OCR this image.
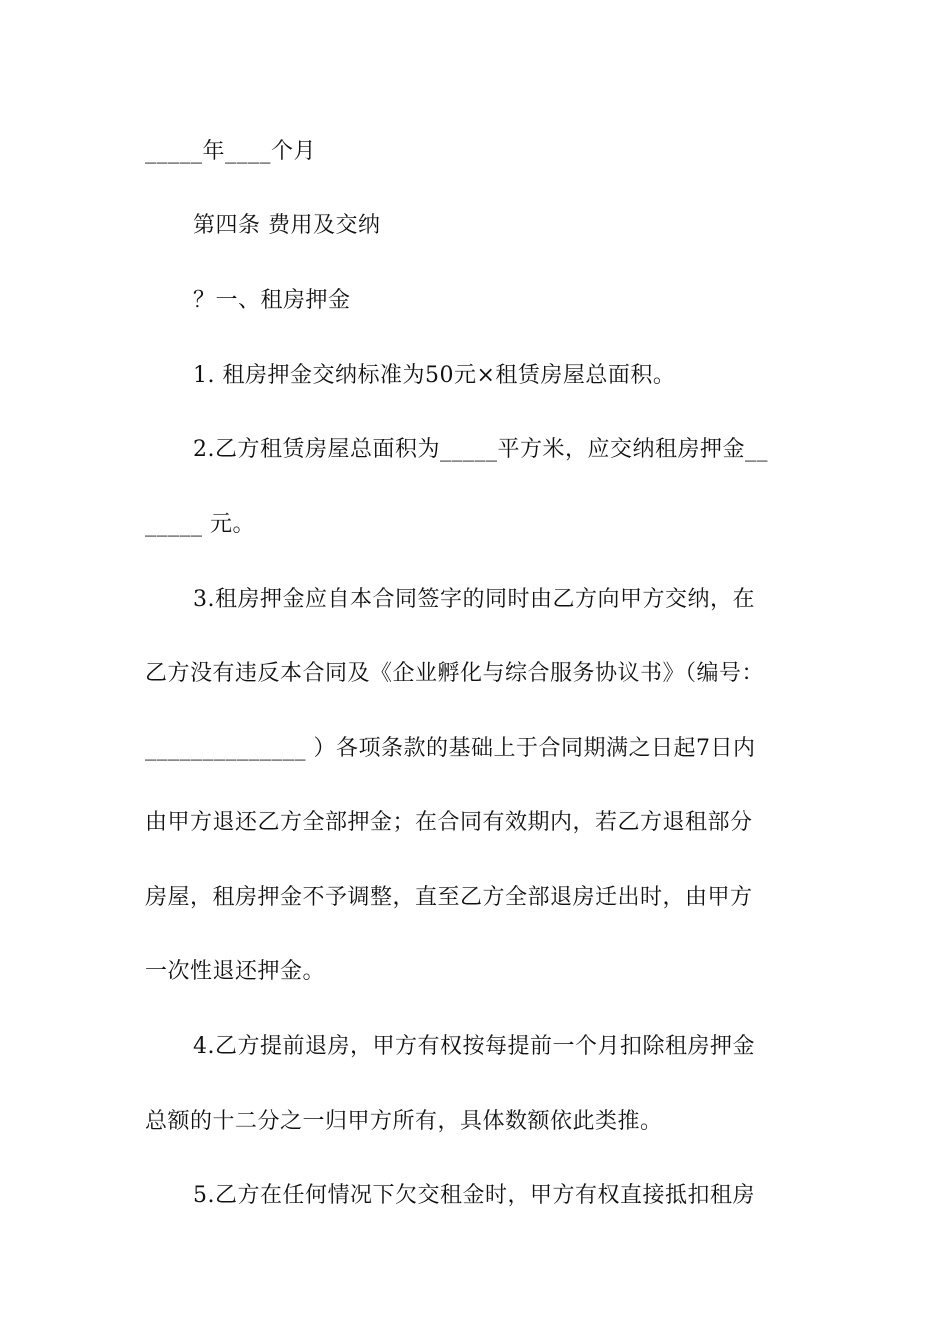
_____年____个月
第四条 费用及交纳
？一、租房押金
1. 租房押金交纳标准为50元×租赁房屋总面积。
2.乙方租赁房屋总面积为_____平方米，应交纳租房押金__
_____ 元。
3.租房押金应自本合同签字的同时由乙方向甲方交纳，在
乙方没有违反本合同及《企业孵化与综合服务协议书》（编号：
______________ ）各项条款的基础上于合同期满之日起7日内
由甲方退还乙方全部押金；在合同有效期内，若乙方退租部分
房屋，租房押金不予调整，直至乙方全部退房迁出时，由甲方
一次性退还押金。
4.乙方提前退房，甲方有权按每提前一个月扣除租房押金
总额的十二分之一归甲方所有，具体数额依此类推。
5.乙方在任何情况下欠交租金时，甲方有权直接抵扣租房
